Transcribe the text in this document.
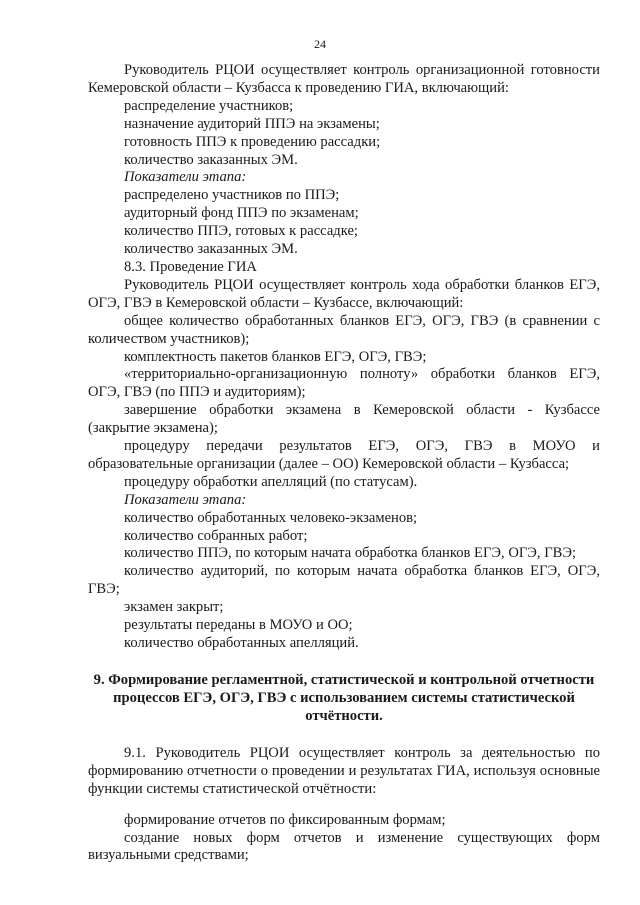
24

Руководитель РЦОИ осуществляет контроль организационной готовности Кемеровской области – Кузбасса к проведению ГИА, включающий:

распределение участников;

назначение аудиторий ППЭ на экзамены;

готовность ППЭ к проведению рассадки;

количество заказанных ЭМ.

Показатели этапа:

распределено участников по ППЭ;

аудиторный фонд ППЭ по экзаменам;

количество ППЭ, готовых к рассадке;

количество заказанных ЭМ.

8.3. Проведение ГИА

Руководитель РЦОИ осуществляет контроль хода обработки бланков ЕГЭ, ОГЭ, ГВЭ в Кемеровской области – Кузбассе, включающий:

общее количество обработанных бланков ЕГЭ, ОГЭ, ГВЭ (в сравнении с количеством участников);

комплектность пакетов бланков ЕГЭ, ОГЭ, ГВЭ;

«территориально-организационную полноту» обработки бланков ЕГЭ, ОГЭ, ГВЭ (по ППЭ и аудиториям);

завершение обработки экзамена в Кемеровской области - Кузбассе (закрытие экзамена);

процедуру передачи результатов ЕГЭ, ОГЭ, ГВЭ в МОУО и образовательные организации (далее – ОО) Кемеровской области – Кузбасса;

процедуру обработки апелляций (по статусам).

Показатели этапа:

количество обработанных человеко-экзаменов;

количество собранных работ;

количество ППЭ, по которым начата обработка бланков ЕГЭ, ОГЭ, ГВЭ;

количество аудиторий, по которым начата обработка бланков ЕГЭ, ОГЭ, ГВЭ;

экзамен закрыт;

результаты переданы в МОУО и ОО;

количество обработанных апелляций.

9. Формирование регламентной, статистической и контрольной отчетности процессов ЕГЭ, ОГЭ, ГВЭ с использованием системы статистической отчётности.

9.1. Руководитель РЦОИ осуществляет контроль за деятельностью по формированию отчетности о проведении и результатах ГИА, используя основные функции системы статистической отчётности:

формирование отчетов по фиксированным формам;

создание новых форм отчетов и изменение существующих форм визуальными средствами;
